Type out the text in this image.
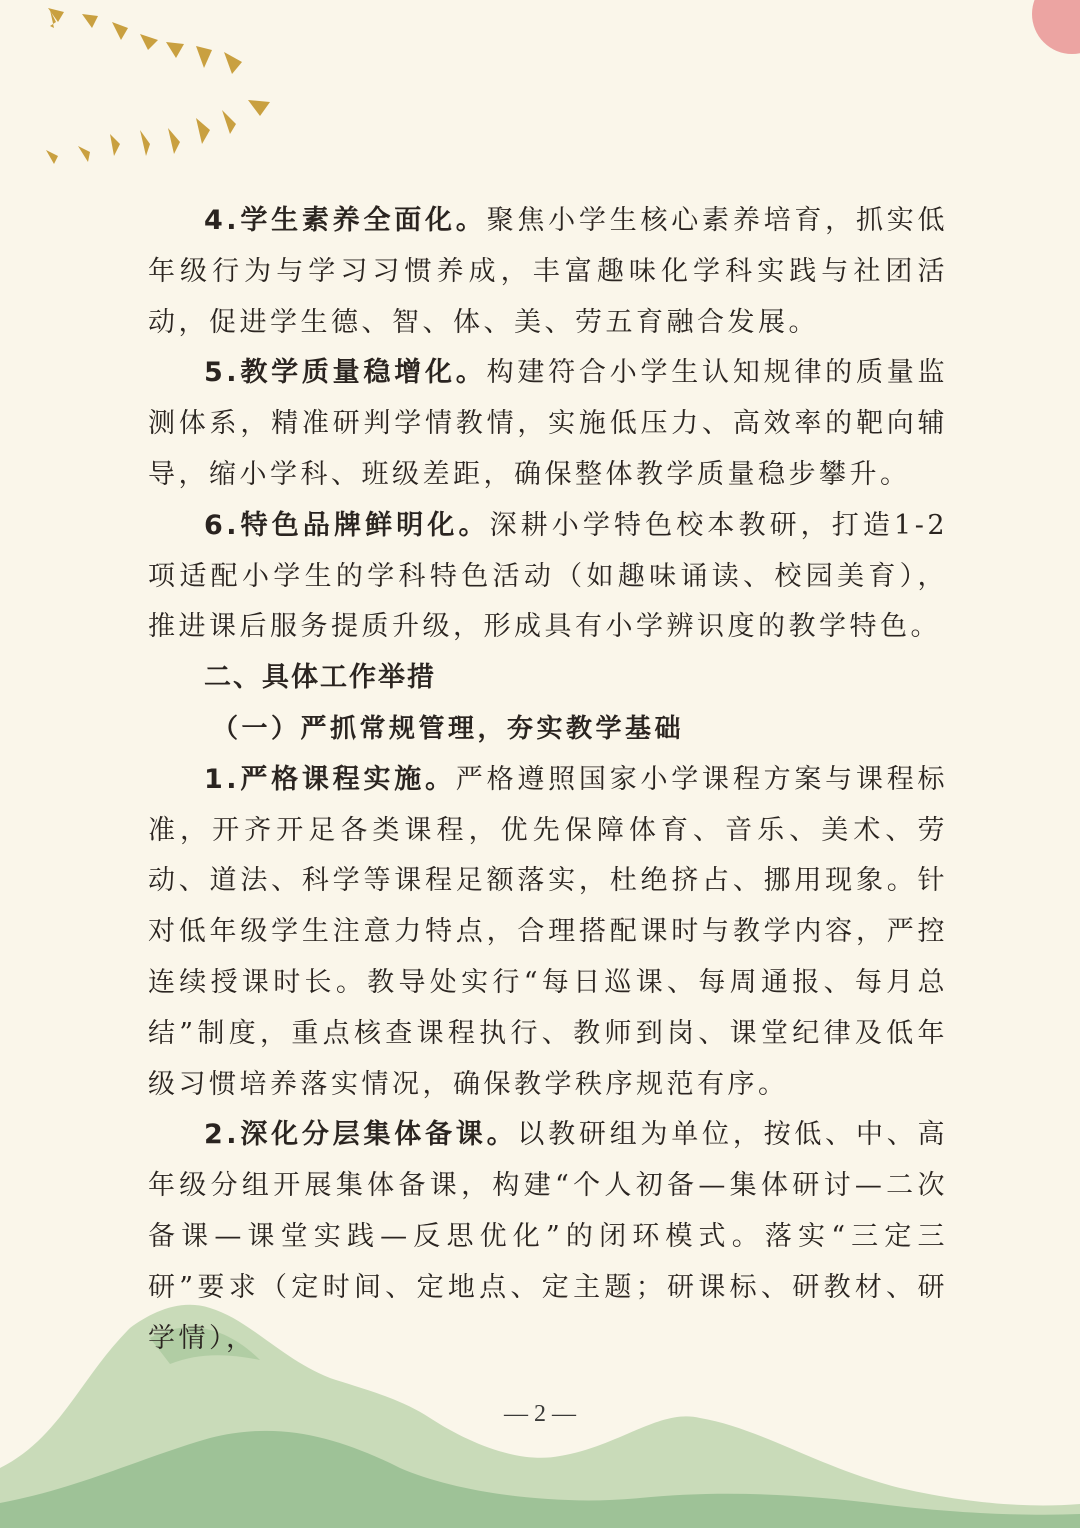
4.学生素养全面化。聚焦小学生核心素养培育，抓实低年级行为与学习习惯养成，丰富趣味化学科实践与社团活动，促进学生德、智、体、美、劳五育融合发展。

5.教学质量稳增化。构建符合小学生认知规律的质量监测体系，精准研判学情教情，实施低压力、高效率的靶向辅导，缩小学科、班级差距，确保整体教学质量稳步攀升。

6.特色品牌鲜明化。深耕小学特色校本教研，打造1-2项适配小学生的学科特色活动（如趣味诵读、校园美育），推进课后服务提质升级，形成具有小学辨识度的教学特色。

二、具体工作举措

（一）严抓常规管理，夯实教学基础

1.严格课程实施。严格遵照国家小学课程方案与课程标准，开齐开足各类课程，优先保障体育、音乐、美术、劳动、道法、科学等课程足额落实，杜绝挤占、挪用现象。针对低年级学生注意力特点，合理搭配课时与教学内容，严控连续授课时长。教导处实行“每日巡课、每周通报、每月总结”制度，重点核查课程执行、教师到岗、课堂纪律及低年级习惯培养落实情况，确保教学秩序规范有序。

2.深化分层集体备课。以教研组为单位，按低、中、高年级分组开展集体备课，构建“个人初备—集体研讨—二次备课—课堂实践—反思优化”的闭环模式。落实“三定三研”要求（定时间、定地点、定主题；研课标、研教材、研学情），

— 2 —
